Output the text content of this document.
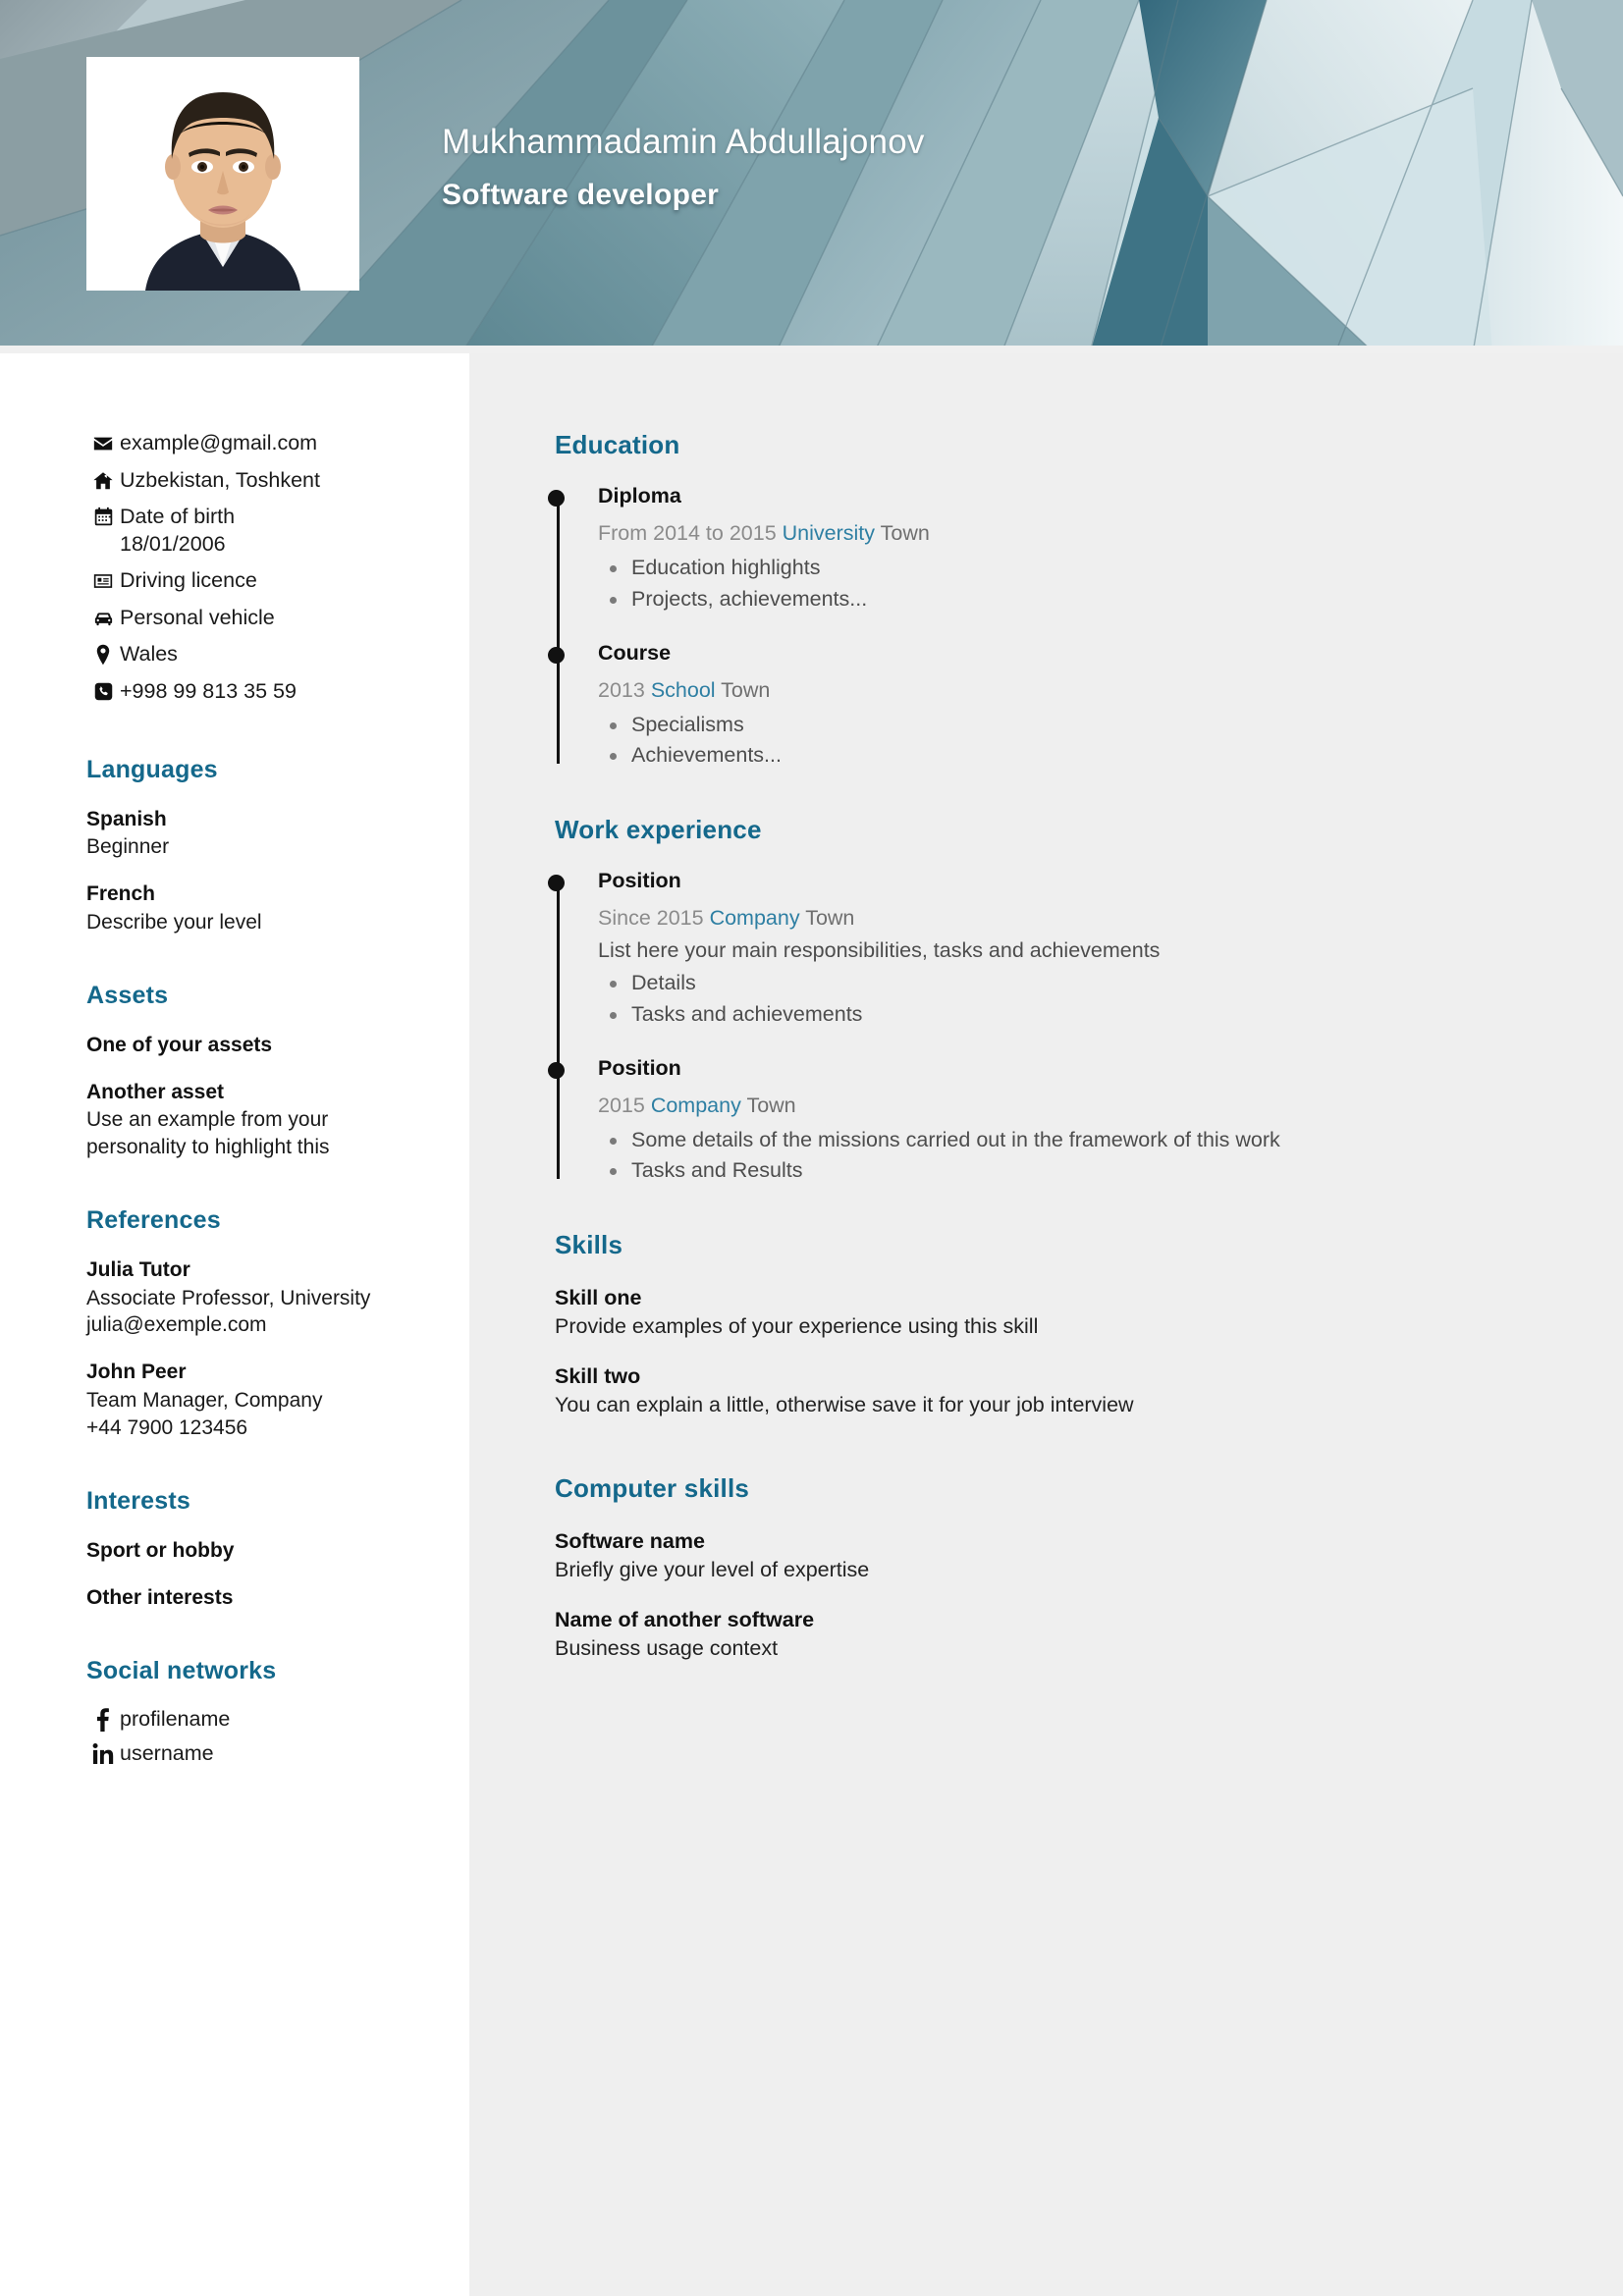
Mukhammadamin Abdullajonov
Software developer
example@gmail.com
Uzbekistan, Toshkent
Date of birth
18/01/2006
Driving licence
Personal vehicle
Wales
+998 99 813 35 59
Languages
Spanish
Beginner
French
Describe your level
Assets
One of your assets
Another asset
Use an example from your personality to highlight this
References
Julia Tutor
Associate Professor, University
julia@exemple.com
John Peer
Team Manager, Company
+44 7900 123456
Interests
Sport or hobby
Other interests
Social networks
profilename
username
Education
Diploma
From 2014 to 2015 University Town
Education highlights
Projects, achievements...
Course
2013 School Town
Specialisms
Achievements...
Work experience
Position
Since 2015 Company Town
List here your main responsibilities, tasks and achievements
Details
Tasks and achievements
Position
2015 Company Town
Some details of the missions carried out in the framework of this work
Tasks and Results
Skills
Skill one
Provide examples of your experience using this skill
Skill two
You can explain a little, otherwise save it for your job interview
Computer skills
Software name
Briefly give your level of expertise
Name of another software
Business usage context
